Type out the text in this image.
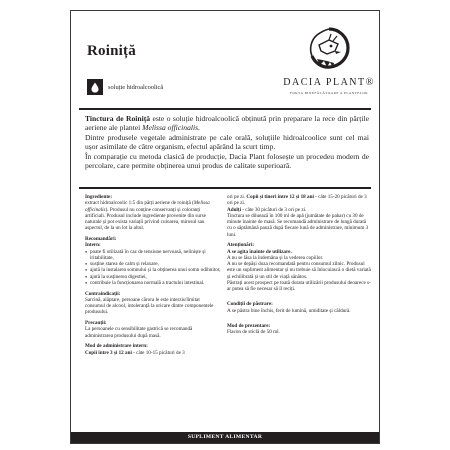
Roiniță
DACIA PLANT®
FORȚA BINEFĂCĂTOARE A PLANTELOR
soluție hidroalcoolică

Tinctura de Roiniță este o soluție hidroalcoolică obținută prin preparare la rece din părțile aeriene ale plantei Melissa officinalis.

Dintre produsele vegetale administrate pe cale orală, soluțiile hidroalcoolice sunt cel mai ușor asimilate de către organism, efectul apărând la scurt timp.

În comparație cu metoda clasică de producție, Dacia Plant folosește un procedeu modern de percolare, care permite obținerea unui produs de calitate superioară.

Ingrediente:

extract hidroalcoolic 1:5 din părți aeriene de roiniță (Melissa officinalis). Produsul nu conține conservanți și coloranți artificiali. Produsul include ingrediente provenite din surse naturale și pot exista variații privind culoarea, mirosul sau aspectul, de la un lot la altul.

Recomandări:

Intern:

● poate fi utilizată în caz de tensiune nervoasă, neliniște și iritabilitate,

● susține starea de calm și relaxare,

● ajută la instalarea somnului și la obținerea unui somn odihnitor,

● ajută la susținerea digestiei,

● contribuie la funcționarea normală a tractului intestinal.

Contraindicații:

Sarcină, alăptare, persoane cărora le este interzis/limitat consumul de alcool, intoleranță la oricare dintre componentele produsului.

Precauții:

La persoanele cu sensibilitate gastrică se recomandă administrarea produsului după masă.

Mod de administrare intern:

Copii între 3 și 12 ani - câte 10-15 picături de 3

ori pe zi. Copii și tineri între 12 și 18 ani - câte 15-20 picături de 3 ori pe zi.

Adulți - câte 30 picături de 3 ori pe zi.

Tinctura se diluează în 100 ml de apă (jumătate de pahar) cu 30 de minute înainte de masă. Se recomandă administrare de lungă durată cu o săptămână pauză după fiecare lună de administrare, minimum 3 luni.

Atenționări:

A se agita înainte de utilizare.

A nu se lăsa la îndemâna și la vederea copiilor.

A nu se depăși doza recomandată pentru consumul zilnic. Produsul este un supliment alimentar și nu trebuie să înlocuiască o dietă variată și echilibrată și un stil de viață sănătos.

Păstrați acest prospect pe toată durata utilizării produsului deoarece s-ar putea să fie necesar să îl reciți.

Condiții de păstrare:

A se păstra bine închis, ferit de lumină, umiditate și căldură.

Mod de prezentare:

Flacon de sticlă de 50 ml.

SUPLIMENT ALIMENTAR
